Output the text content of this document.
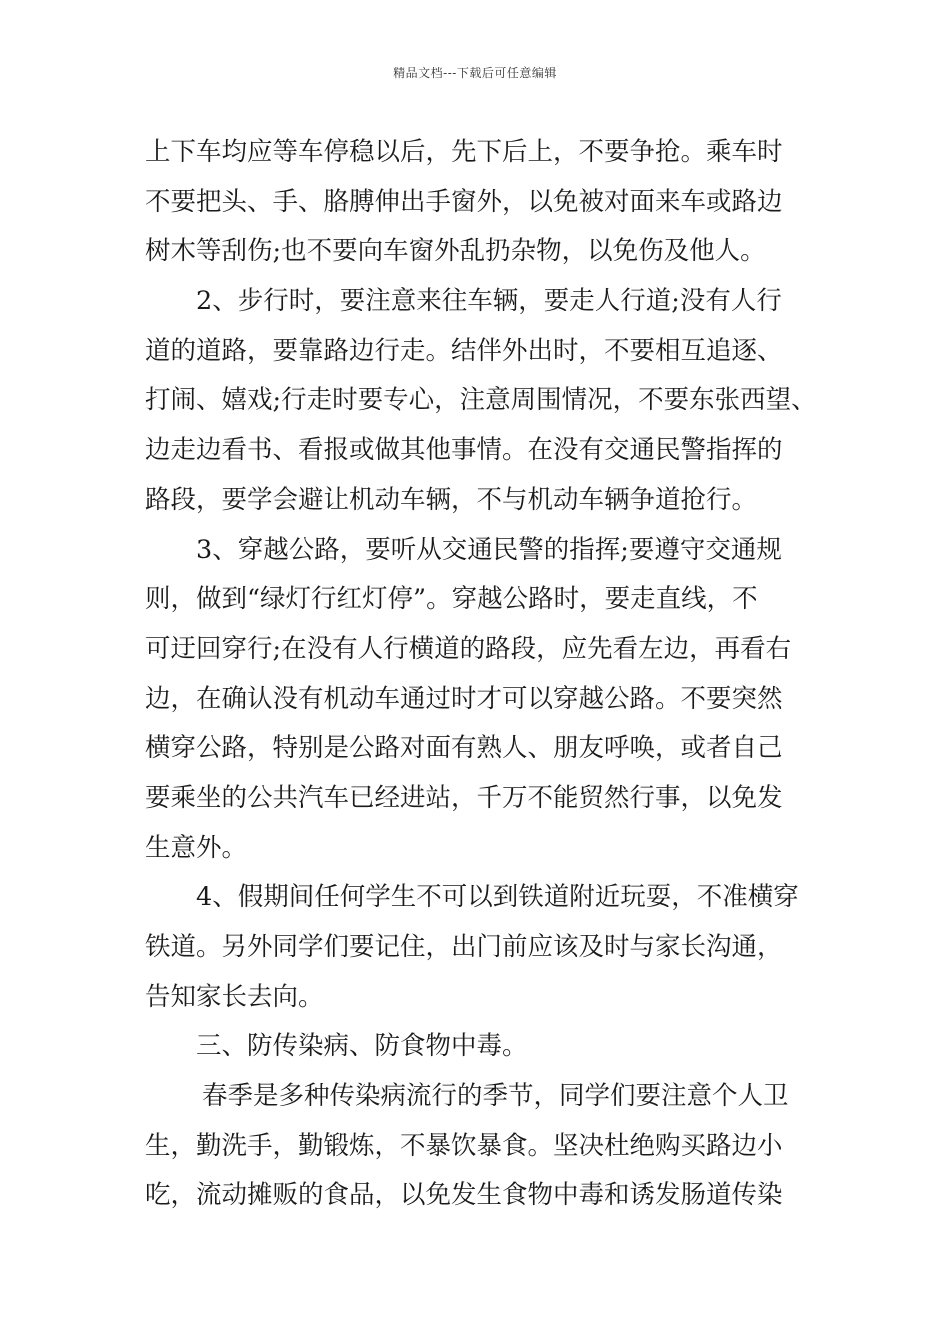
精品文档---下载后可任意编辑
上下车均应等车停稳以后，先下后上，不要争抢。乘车时
不要把头、手、胳膊伸出手窗外，以免被对面来车或路边
树木等刮伤;也不要向车窗外乱扔杂物，以免伤及他人。
2、步行时，要注意来往车辆，要走人行道;没有人行
道的道路，要靠路边行走。结伴外出时，不要相互追逐、
打闹、嬉戏;行走时要专心，注意周围情况，不要东张西望、
边走边看书、看报或做其他事情。在没有交通民警指挥的
路段，要学会避让机动车辆，不与机动车辆争道抢行。
3、穿越公路，要听从交通民警的指挥;要遵守交通规
则，做到“绿灯行红灯停”。穿越公路时，要走直线，不
可迂回穿行;在没有人行横道的路段，应先看左边，再看右
边，在确认没有机动车通过时才可以穿越公路。不要突然
横穿公路，特别是公路对面有熟人、朋友呼唤，或者自己
要乘坐的公共汽车已经进站，千万不能贸然行事，以免发
生意外。
4、假期间任何学生不可以到铁道附近玩耍，不准横穿
铁道。另外同学们要记住，出门前应该及时与家长沟通，
告知家长去向。
三、防传染病、防食物中毒。
春季是多种传染病流行的季节，同学们要注意个人卫
生，勤洗手，勤锻炼，不暴饮暴食。坚决杜绝购买路边小
吃，流动摊贩的食品，以免发生食物中毒和诱发肠道传染
